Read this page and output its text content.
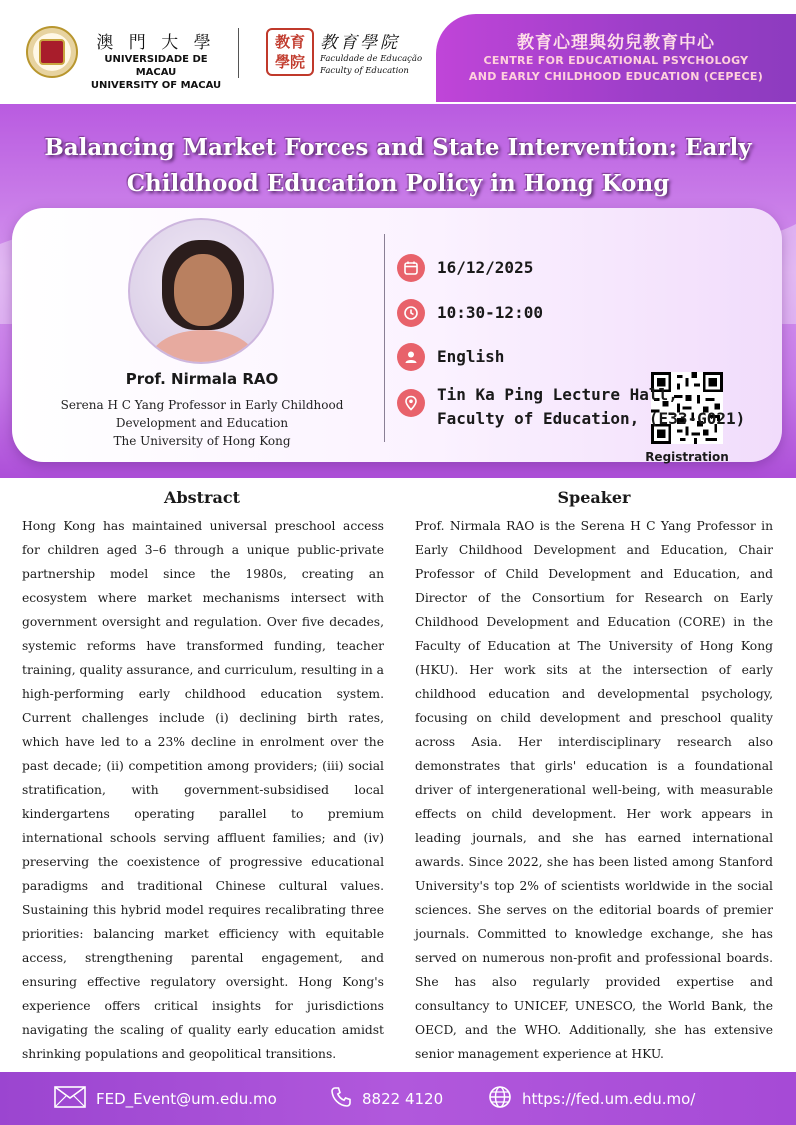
澳 門 大 學
UNIVERSIDADE DE MACAU
UNIVERSITY OF MACAU
教育
學院
教育學院
Faculdade de Educação
Faculty of Education
教育心理與幼兒教育中心
CENTRE FOR EDUCATIONAL PSYCHOLOGY
AND EARLY CHILDHOOD EDUCATION (CEPECE)
Balancing Market Forces and State Intervention: Early Childhood Education Policy in Hong Kong
Prof. Nirmala RAO
Serena H C Yang Professor in Early Childhood
Development and Education
The University of Hong Kong
Registration
16/12/2025
10:30-12:00
English
Tin Ka Ping Lecture Hall,
Faculty of Education, (E33-G021)
Abstract
Hong Kong has maintained universal preschool access for children aged 3–6 through a unique public-private partnership model since the 1980s, creating an ecosystem where market mechanisms intersect with government oversight and regulation. Over five decades, systemic reforms have transformed funding, teacher training, quality assurance, and curriculum, resulting in a high-performing early childhood education system. Current challenges include (i) declining birth rates, which have led to a 23% decline in enrolment over the past decade; (ii) competition among providers; (iii) social stratification, with government-subsidised local kindergartens operating parallel to premium international schools serving affluent families; and (iv) preserving the coexistence of progressive educational paradigms and traditional Chinese cultural values. Sustaining this hybrid model requires recalibrating three priorities: balancing market efficiency with equitable access, strengthening parental engagement, and ensuring effective regulatory oversight. Hong Kong's experience offers critical insights for jurisdictions navigating the scaling of quality early education amidst shrinking populations and geopolitical transitions.
Speaker
Prof. Nirmala RAO is the Serena H C Yang Professor in Early Childhood Development and Education, Chair Professor of Child Development and Education, and Director of the Consortium for Research on Early Childhood Development and Education (CORE) in the Faculty of Education at The University of Hong Kong (HKU). Her work sits at the intersection of early childhood education and developmental psychology, focusing on child development and preschool quality across Asia. Her interdisciplinary research also demonstrates that girls' education is a foundational driver of intergenerational well-being, with measurable effects on child development. Her work appears in leading journals, and she has earned international awards. Since 2022, she has been listed among Stanford University's top 2% of scientists worldwide in the social sciences. She serves on the editorial boards of premier journals. Committed to knowledge exchange, she has served on numerous non-profit and professional boards. She has also regularly provided expertise and consultancy to UNICEF, UNESCO, the World Bank, the OECD, and the WHO. Additionally, she has extensive senior management experience at HKU.
FED_Event@um.edu.mo	8822 4120	https://fed.um.edu.mo/
